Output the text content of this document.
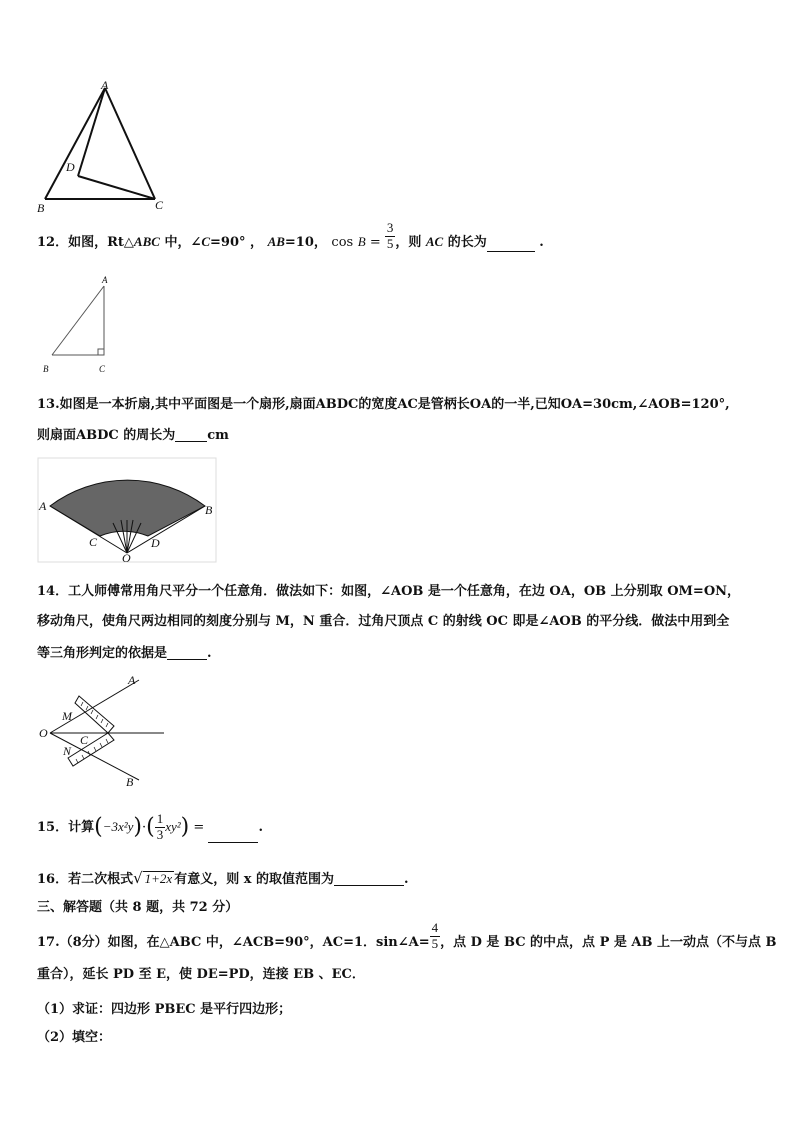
A
D
B	C
12．如图，Rt△ABC 中，∠C=90° ， AB=10， $\cos B = \frac{3}{5}$ ，则 AC 的长为	.
A
B	C
13.如图是一本折扇,其中平面图是一个扇形,扇面ABDC的宽度AC是管柄长OA的一半,已知OA=30cm,∠AOB=120°,
则扇面ABDC 的周长为 cm
A	B
C	D
O
14．工人师傅常用角尺平分一个任意角．做法如下：如图，∠AOB 是一个任意角，在边 OA，OB 上分别取 OM=ON，
移动角尺，使角尺两边相同的刻度分别与 M，N 重合．过角尺顶点 C 的射线 OC 即是∠AOB 的平分线．做法中用到全
等三角形判定的依据是	.
A
M
O	C
N
B
15．计算$(-3x^2y)\cdot( \frac{1}{3} xy^2)$ =	.
16．若二次根式√ 1+2x 有意义，则 x 的取值范围为	.
三、解答题（共 8 题，共 72 分）
17.（8分）如图，在△ABC 中，∠ACB=90°，AC=1．sin∠A= $\frac{4}{5}$ ，点 D 是 BC 的中点，点 P 是 AB 上一动点（不与点 B
重合），延长 PD 至 E，使 DE=PD，连接 EB 、EC．
（1）求证：四边形 PBEC 是平行四边形；
（2）填空：
